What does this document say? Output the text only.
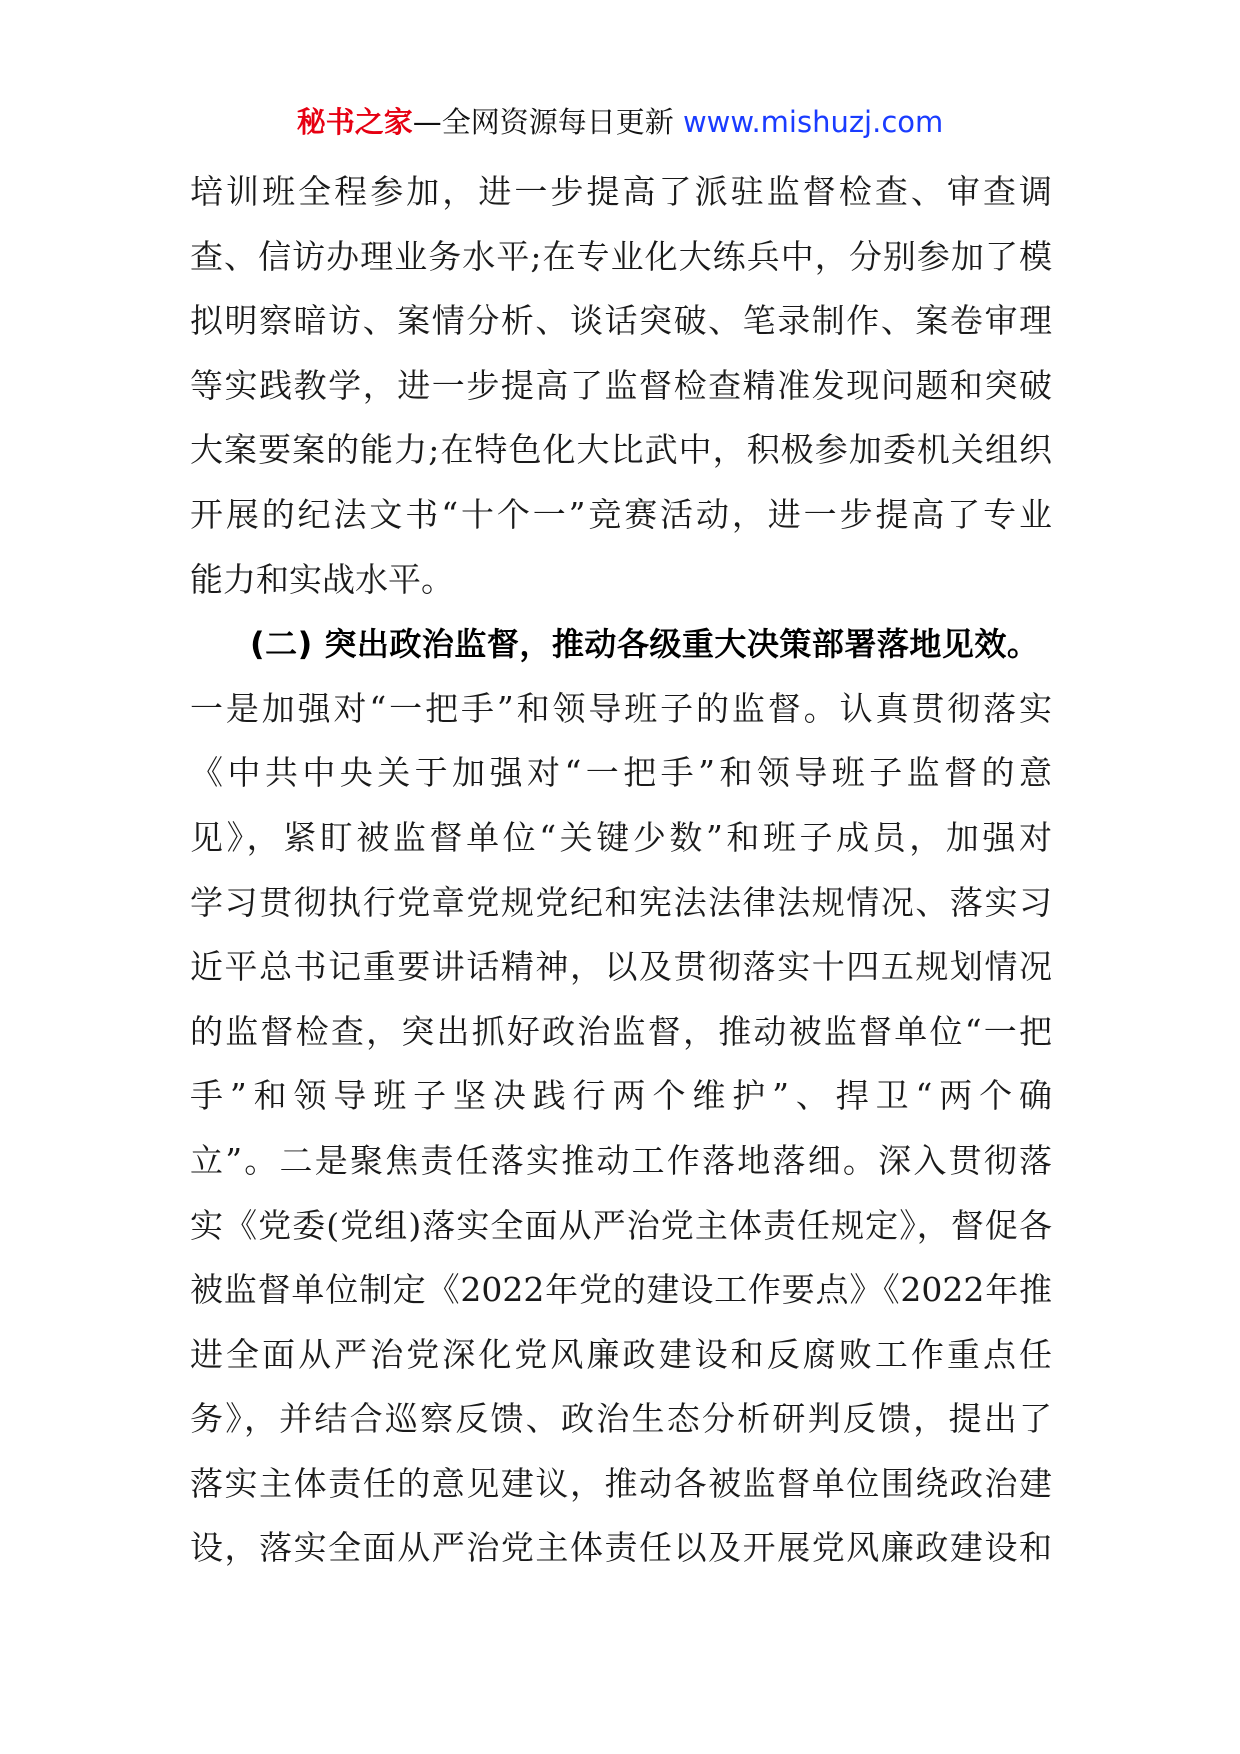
秘书之家—全网资源每日更新 www.mishuzj.com
培训班全程参加，进一步提高了派驻监督检查、审查调
查、信访办理业务水平;在专业化大练兵中，分别参加了模
拟明察暗访、案情分析、谈话突破、笔录制作、案卷审理
等实践教学，进一步提高了监督检查精准发现问题和突破
大案要案的能力;在特色化大比武中，积极参加委机关组织
开展的纪法文书“十个一”竞赛活动，进一步提高了专业
能力和实战水平。
(二) 突出政治监督，推动各级重大决策部署落地见效。
一是加强对“一把手”和领导班子的监督。认真贯彻落实
《中共中央关于加强对“一把手”和领导班子监督的意
见》，紧盯被监督单位“关键少数”和班子成员，加强对
学习贯彻执行党章党规党纪和宪法法律法规情况、落实习
近平总书记重要讲话精神，以及贯彻落实十四五规划情况
的监督检查，突出抓好政治监督，推动被监督单位“一把
手”和领导班子坚决践行两个维护”、捍卫“两个确
立”。二是聚焦责任落实推动工作落地落细。深入贯彻落
实《党委(党组)落实全面从严治党主体责任规定》，督促各
被监督单位制定《2022年党的建设工作要点》《2022年推
进全面从严治党深化党风廉政建设和反腐败工作重点任
务》，并结合巡察反馈、政治生态分析研判反馈，提出了
落实主体责任的意见建议，推动各被监督单位围绕政治建
设，落实全面从严治党主体责任以及开展党风廉政建设和
